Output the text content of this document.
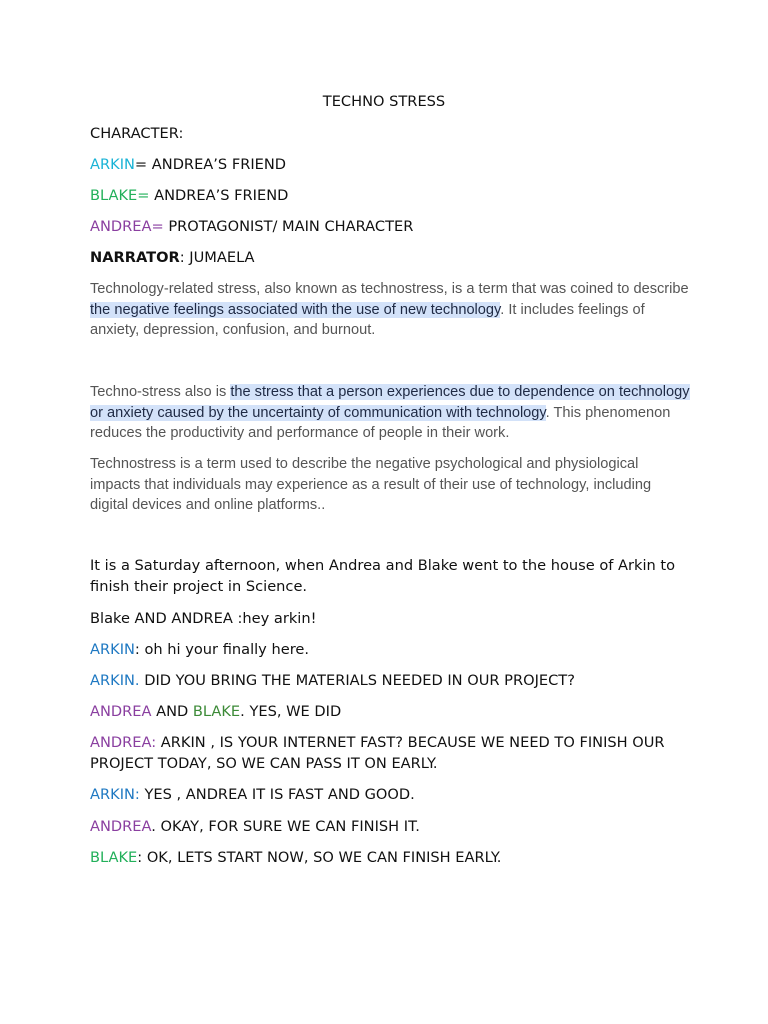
TECHNO STRESS
CHARACTER:
ARKIN= ANDREA’S FRIEND
BLAKE= ANDREA’S FRIEND
ANDREA= PROTAGONIST/ MAIN CHARACTER
NARRATOR: JUMAELA
Technology-related stress, also known as technostress, is a term that was coined to describe the negative feelings associated with the use of new technology. It includes feelings of anxiety, depression, confusion, and burnout.
Techno-stress also is the stress that a person experiences due to dependence on technology or anxiety caused by the uncertainty of communication with technology. This phenomenon reduces the productivity and performance of people in their work.
Technostress is a term used to describe the negative psychological and physiological impacts that individuals may experience as a result of their use of technology, including digital devices and online platforms..
It is a Saturday afternoon, when Andrea and Blake went to the house of Arkin to finish their project in Science.
Blake AND ANDREA :hey arkin!
ARKIN: oh hi your finally here.
ARKIN. DID YOU BRING THE MATERIALS NEEDED IN OUR PROJECT?
ANDREA AND BLAKE. YES, WE DID
ANDREA: ARKIN , IS YOUR INTERNET FAST? BECAUSE WE NEED TO FINISH OUR PROJECT TODAY, SO WE CAN PASS IT ON EARLY.
ARKIN: YES , ANDREA IT IS FAST AND GOOD.
ANDREA. OKAY, FOR SURE WE CAN FINISH IT.
BLAKE: OK, LETS START NOW, SO WE CAN FINISH EARLY.
